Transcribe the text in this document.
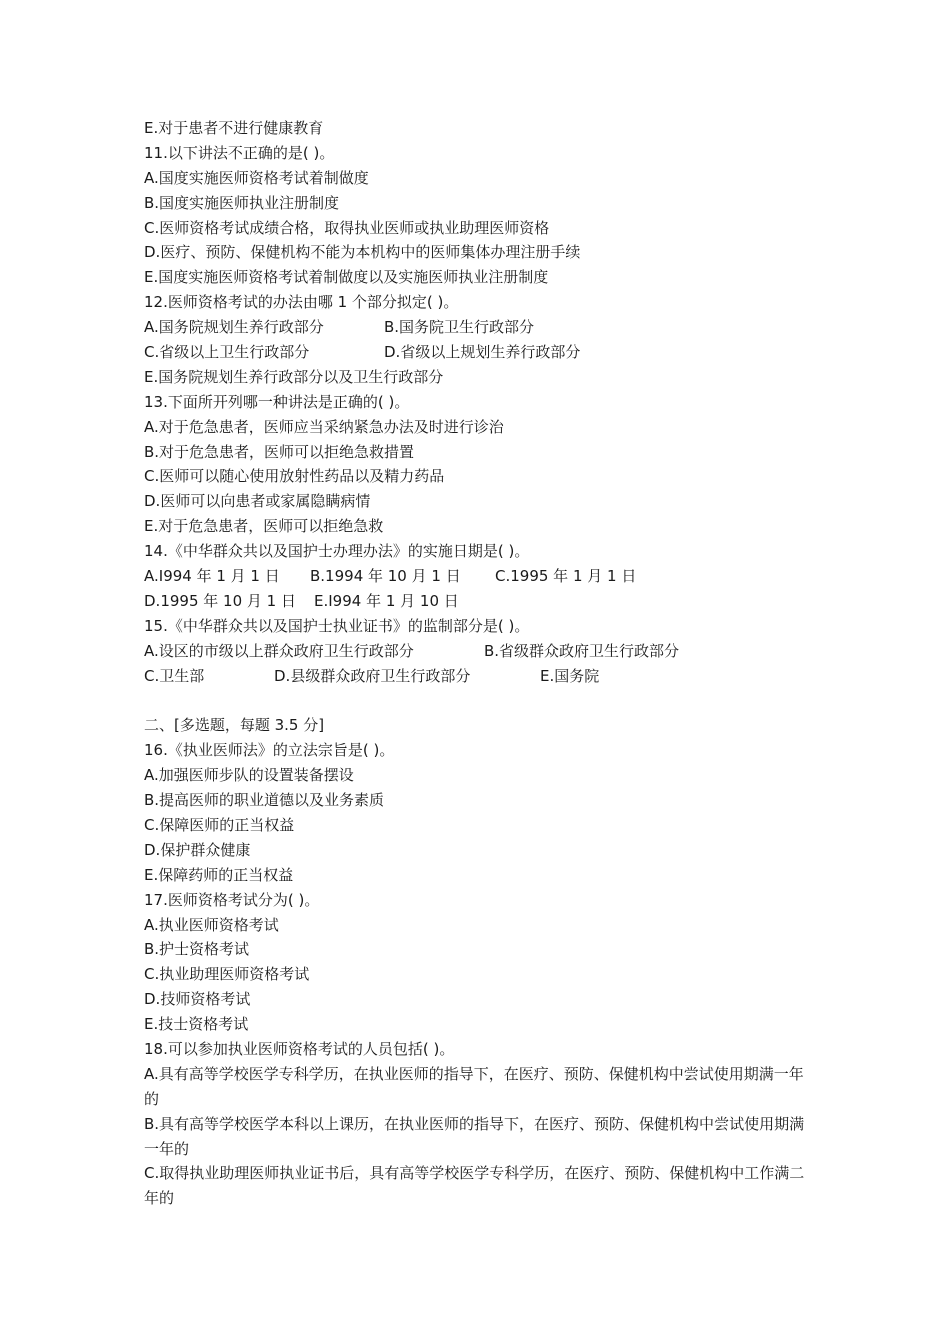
E.对于患者不进行健康教育
11.以下讲法不正确的是( )。
A.国度实施医师资格考试着制做度
B.国度实施医师执业注册制度
C.医师资格考试成绩合格，取得执业医师或执业助理医师资格
D.医疗、预防、保健机构不能为本机构中的医师集体办理注册手续
E.国度实施医师资格考试着制做度以及实施医师执业注册制度
12.医师资格考试的办法由哪 1 个部分拟定( )。
A.国务院规划生养行政部分	B.国务院卫生行政部分
C.省级以上卫生行政部分	D.省级以上规划生养行政部分
E.国务院规划生养行政部分以及卫生行政部分
13.下面所开列哪一种讲法是正确的( )。
A.对于危急患者，医师应当采纳紧急办法及时进行诊治
B.对于危急患者，医师可以拒绝急救措置
C.医师可以随心使用放射性药品以及精力药品
D.医师可以向患者或家属隐瞒病情
E.对于危急患者，医师可以拒绝急救
14.《中华群众共以及国护士办理办法》的实施日期是( )。
A.I994 年 1 月 1 日 B.1994 年 10 月 1 日 C.1995 年 1 月 1 日
D.1995 年 10 月 1 日 E.I994 年 1 月 10 日
15.《中华群众共以及国护士执业证书》的监制部分是( )。
A.设区的市级以上群众政府卫生行政部分	B.省级群众政府卫生行政部分
C.卫生部	D.县级群众政府卫生行政部分	E.国务院
二、[多选题，每题 3.5 分]
16.《执业医师法》的立法宗旨是( )。
A.加强医师步队的设置装备摆设
B.提高医师的职业道德以及业务素质
C.保障医师的正当权益
D.保护群众健康
E.保障药师的正当权益
17.医师资格考试分为( )。
A.执业医师资格考试
B.护士资格考试
C.执业助理医师资格考试
D.技师资格考试
E.技士资格考试
18.可以参加执业医师资格考试的人员包括( )。
A.具有高等学校医学专科学历，在执业医师的指导下，在医疗、预防、保健机构中尝试使用期满一年的
B.具有高等学校医学本科以上课历，在执业医师的指导下，在医疗、预防、保健机构中尝试使用期满一年的
C.取得执业助理医师执业证书后，具有高等学校医学专科学历，在医疗、预防、保健机构中工作满二年的
